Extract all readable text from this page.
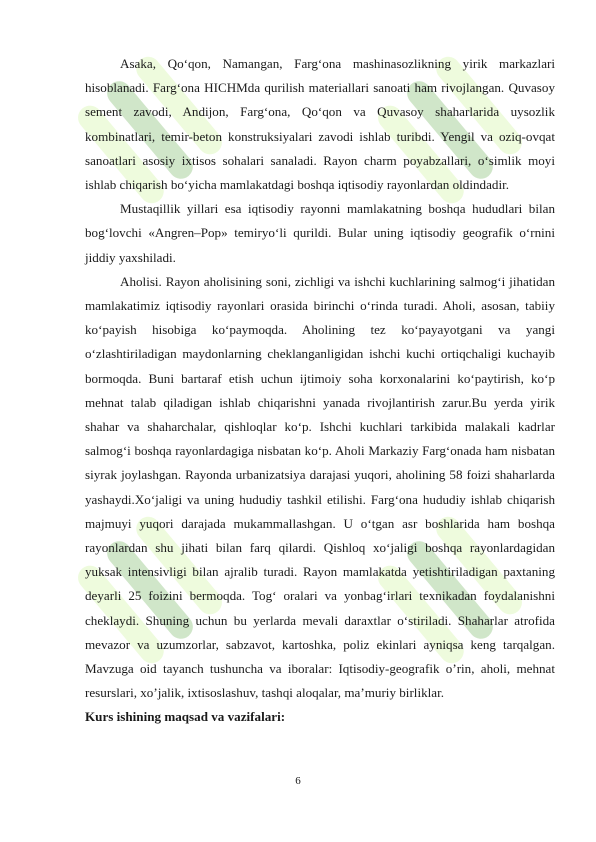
Asaka, Qo‘qon, Namangan, Farg‘ona mashinasozlikning yirik markazlari hisoblanadi. Farg‘ona HICHMda qurilish materiallari sanoati ham rivojlangan. Quvasoy sement zavodi, Andijon, Farg‘ona, Qo‘qon va Quvasoy shaharlarida uysozlik kombinatlari, temir-beton konstruksiyalari zavodi ishlab turibdi. Yengil va oziq-ovqat sanoatlari asosiy ixtisos sohalari sanaladi. Rayon charm poyabzallari, o‘simlik moyi ishlab chiqarish bo‘yicha mamlakatdagi boshqa iqtisodiy rayonlardan oldindadir.

Mustaqillik yillari esa iqtisodiy rayonni mamlakatning boshqa hududlari bilan bog‘lovchi «Angren–Pop» temiryo‘li qurildi. Bular uning iqtisodiy geografik o‘rnini jiddiy yaxshiladi.

Aholisi. Rayon aholisining soni, zichligi va ishchi kuchlarining salmog‘i jihatidan mamlakatimiz iqtisodiy rayonlari orasida birinchi o‘rinda turadi. Aholi, asosan, tabiiy ko‘payish hisobiga ko‘paymoqda. Aholining tez ko‘payayotgani va yangi o‘zlashtiriladigan maydonlarning cheklanganligidan ishchi kuchi ortiqchaligi kuchayib bormoqda. Buni bartaraf etish uchun ijtimoiy soha korxonalarini ko‘paytirish, ko‘p mehnat talab qiladigan ishlab chiqarishni yanada rivojlantirish zarur.Bu yerda yirik shahar va shaharchalar, qishloqlar ko‘p. Ishchi kuchlari tarkibida malakali kadrlar salmog‘i boshqa rayonlardagiga nisbatan ko‘p. Aholi Markaziy Farg‘onada ham nisbatan siyrak joylashgan. Rayonda urbanizatsiya darajasi yuqori, aholining 58 foizi shaharlarda yashaydi.Xo‘jaligi va uning hududiy tashkil etilishi. Farg‘ona hududiy ishlab chiqarish majmuyi yuqori darajada mukammallashgan. U o‘tgan asr boshlarida ham boshqa rayonlardan shu jihati bilan farq qilardi. Qishloq xo‘jaligi boshqa rayonlardagidan yuksak intensivligi bilan ajralib turadi. Rayon mamlakatda yetishtiriladigan paxtaning deyarli 25 foizini bermoqda. Tog‘ oralari va yonbag‘irlari texnikadan foydalanishni cheklaydi. Shuning uchun bu yerlarda mevali daraxtlar o‘stiriladi. Shaharlar atrofida mevazor va uzumzorlar, sabzavot, kartoshka, poliz ekinlari ayniqsa keng tarqalgan. Mavzuga oid tayanch tushuncha va iboralar: Iqtisodiy-geografik o’rin, aholi, mehnat resurslari, xo’jalik, ixtisoslashuv, tashqi aloqalar, ma’muriy birliklar.

Kurs ishining maqsad va vazifalari:

6
